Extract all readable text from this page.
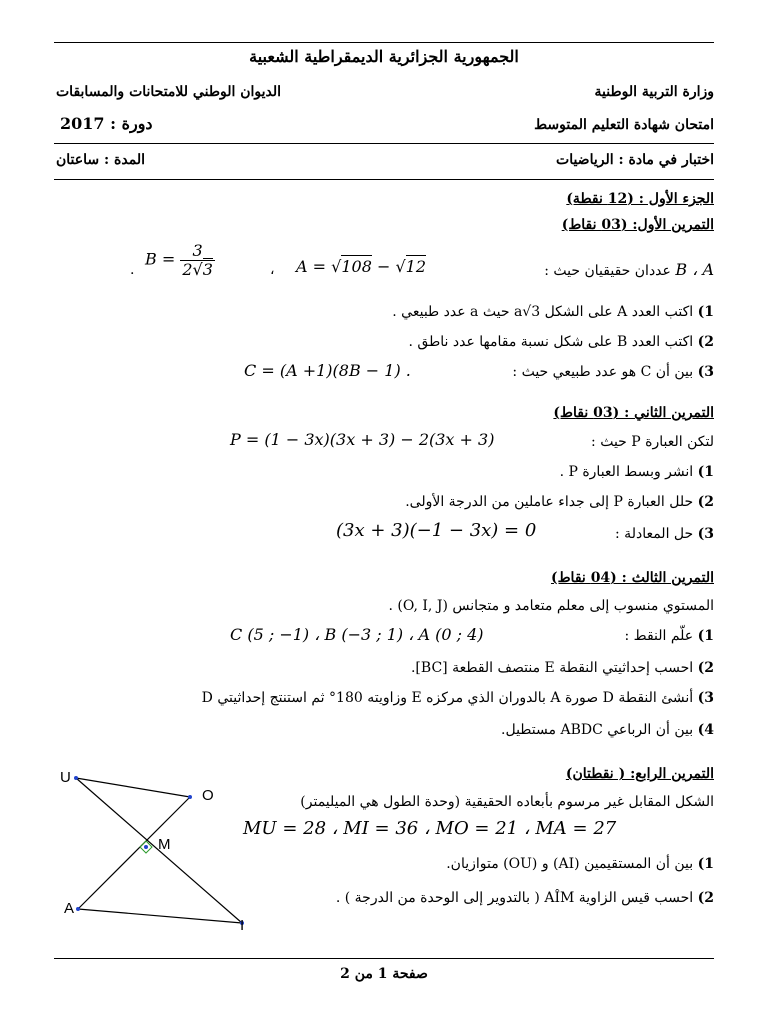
الجمهورية الجزائرية الديمقراطية الشعبية
وزارة التربية الوطنية
الديوان الوطني للامتحانات والمسابقات
امتحان شهادة التعليم المتوسط
دورة : 2017
اختبار في مادة : الرياضيات
المدة : ساعتان
الجزء الأول : (12 نقطة)
التمرين الأول: (03 نقاط)
B ، A عددان حقيقيان حيث :
A = √108 − √12
،
$B = \frac{3}{2√3}$
.
1) اكتب العدد A على الشكل a√3 حيث a عدد طبيعي .
2) اكتب العدد B على شكل نسبة مقامها عدد ناطق .
3) بين أن C هو عدد طبيعي حيث :
C = (A +1)(8B − 1) .
التمرين الثاني : (03 نقاط)
لتكن العبارة P حيث :
P = (1 − 3x)(3x + 3) − 2(3x + 3)
1) انشر وبسط العبارة P .
2) حلل العبارة P إلى جداء عاملين من الدرجة الأولى.
3) حل المعادلة :
(3x + 3)(−1 − 3x) = 0
التمرين الثالث : (04 نقاط)
المستوي منسوب إلى معلم متعامد و متجانس (O, I, J) .
1) علّم النقط :
C (5 ; −1) ، B (−3 ; 1) ، A (0 ; 4)
2) احسب إحداثيتي النقطة E منتصف القطعة [BC].
3) أنشئ النقطة D صورة A بالدوران الذي مركزه E وزاويته 180° ثم استنتج إحداثيتي D
4) بين أن الرباعي ABDC مستطيل.
التمرين الرابع: ( نقطتان)
الشكل المقابل غير مرسوم بأبعاده الحقيقية (وحدة الطول هي الميليمتر)
MU = 28 ، MI = 36 ، MO = 21 ، MA = 27
1) بين أن المستقيمين (AI) و (OU) متوازيان.
2) احسب قيس الزاوية AÎM ( بالتدوير إلى الوحدة من الدرجة ) .
U
O
M
A
I
صفحة 1 من 2
